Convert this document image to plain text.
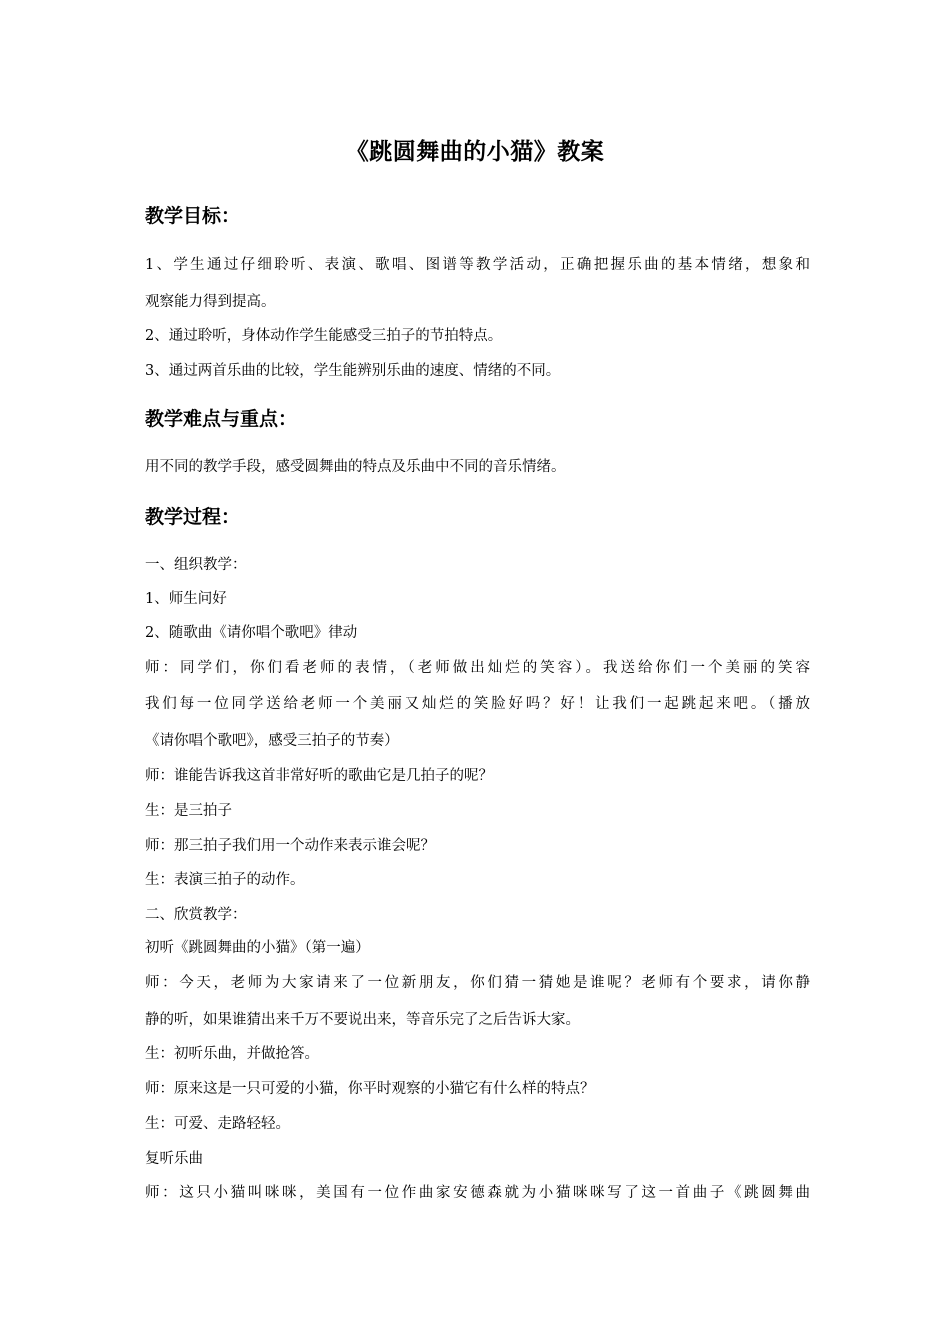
《跳圆舞曲的小猫》教案
教学目标：
1、学生通过仔细聆听、表演、歌唱、图谱等教学活动，正确把握乐曲的基本情绪，想象和
观察能力得到提高。
2、通过聆听，身体动作学生能感受三拍子的节拍特点。
3、通过两首乐曲的比较，学生能辨别乐曲的速度、情绪的不同。
教学难点与重点：
用不同的教学手段，感受圆舞曲的特点及乐曲中不同的音乐情绪。
教学过程：
一、组织教学：
1、师生问好
2、随歌曲《请你唱个歌吧》律动
师：同学们，你们看老师的表情，（老师做出灿烂的笑容）。我送给你们一个美丽的笑容
我们每一位同学送给老师一个美丽又灿烂的笑脸好吗？好！让我们一起跳起来吧。（播放
《请你唱个歌吧》，感受三拍子的节奏）
师：谁能告诉我这首非常好听的歌曲它是几拍子的呢？
生：是三拍子
师：那三拍子我们用一个动作来表示谁会呢？
生：表演三拍子的动作。
二、欣赏教学：
初听《跳圆舞曲的小猫》（第一遍）
师：今天，老师为大家请来了一位新朋友，你们猜一猜她是谁呢？老师有个要求，请你静
静的听，如果谁猜出来千万不要说出来，等音乐完了之后告诉大家。
生：初听乐曲，并做抢答。
师：原来这是一只可爱的小猫，你平时观察的小猫它有什么样的特点？
生：可爱、走路轻轻。
复听乐曲
师：这只小猫叫咪咪，美国有一位作曲家安德森就为小猫咪咪写了这一首曲子《跳圆舞曲
